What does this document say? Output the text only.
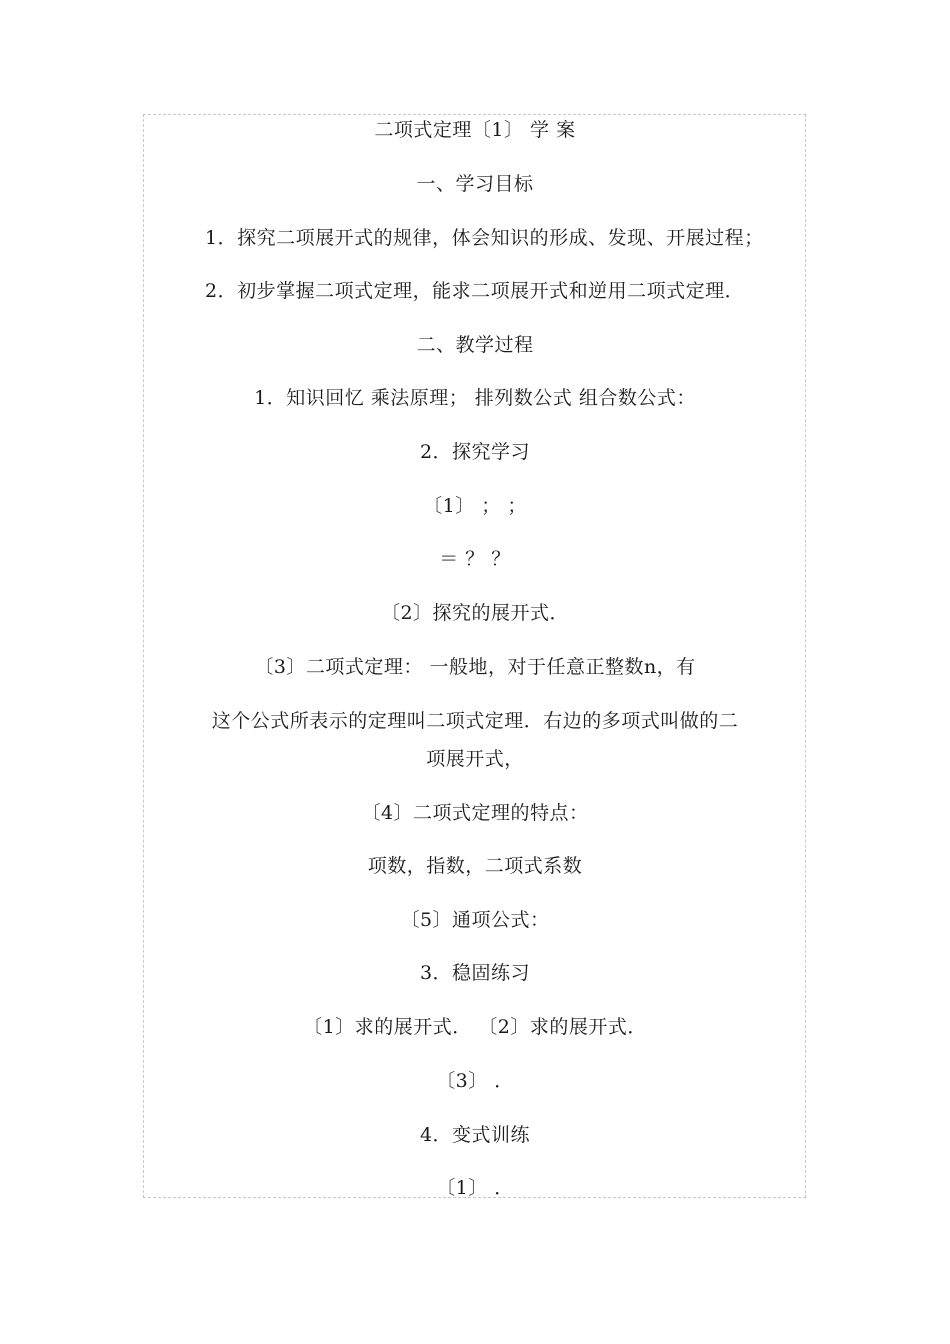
二项式定理〔1〕 学 案
一、学习目标
1．探究二项展开式的规律，体会知识的形成、发现、开展过程；
2．初步掌握二项式定理，能求二项展开式和逆用二项式定理．
二、教学过程
1．知识回忆 乘法原理； 排列数公式 组合数公式：
2．探究学习
〔1〕 ； ；
＝ ？ ？
〔2〕探究的展开式．
〔3〕二项式定理： 一般地，对于任意正整数n，有
这个公式所表示的定理叫二项式定理．右边的多项式叫做的二
项展开式，
〔4〕二项式定理的特点：
项数，指数，二项式系数
〔5〕通项公式：
3．稳固练习
〔1〕求的展开式． 〔2〕求的展开式．
〔3〕 ．
4．变式训练
〔1〕 ．
